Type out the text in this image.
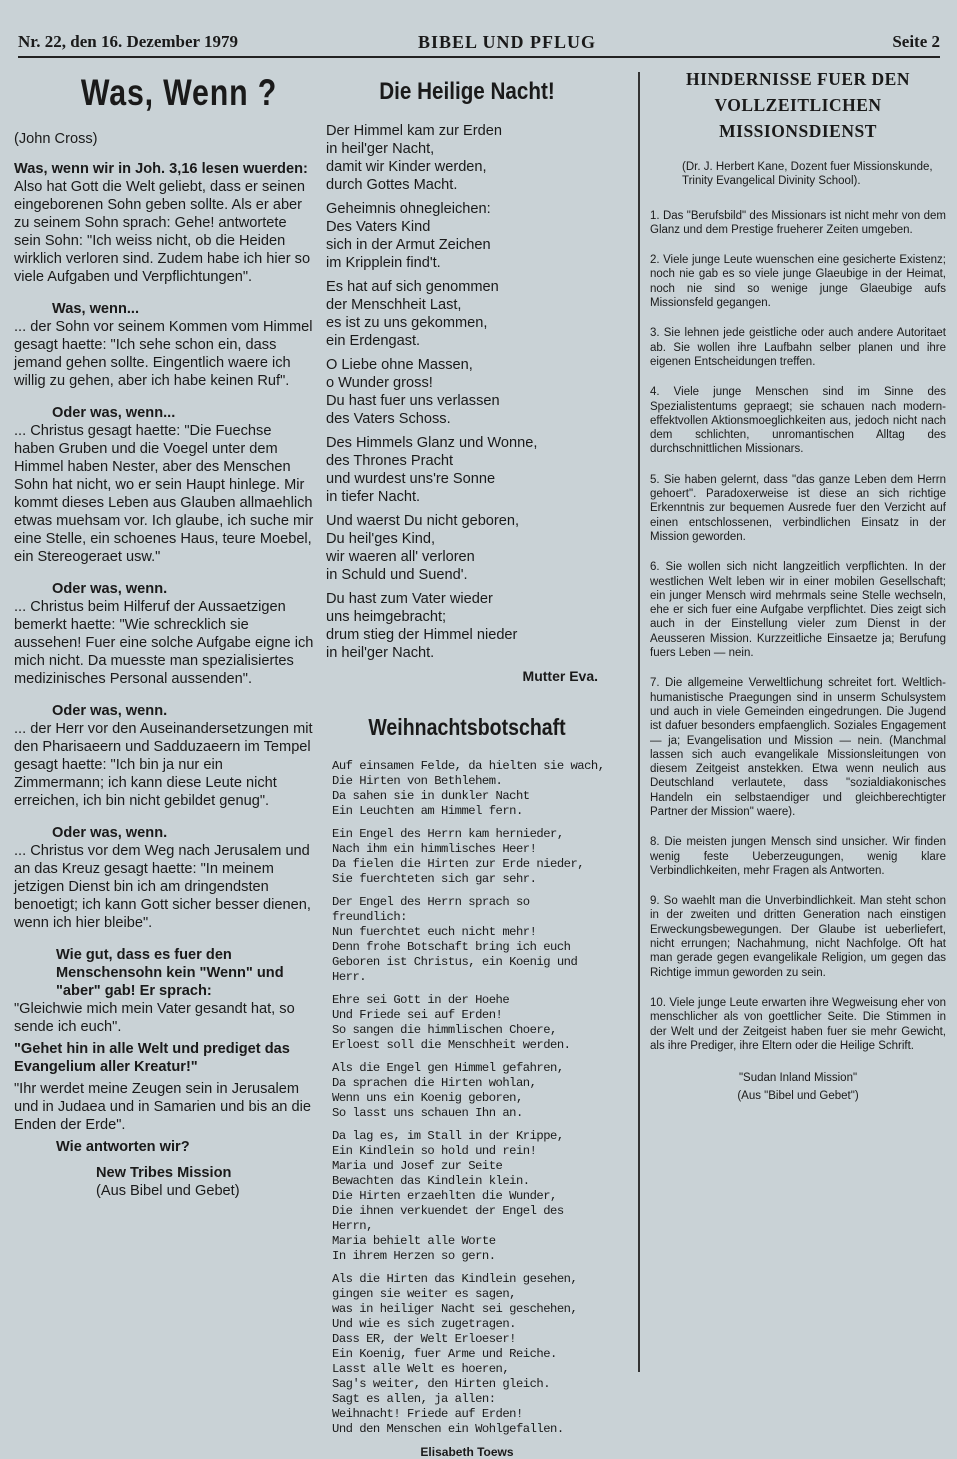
Nr. 22, den 16. Dezember 1979	BIBEL UND PFLUG	Seite 2
Was, Wenn ?
(John Cross)

Was, wenn wir in Joh. 3,16 lesen wuerden:
Also hat Gott die Welt geliebt, dass er seinen eingeborenen Sohn geben sollte. Als er aber zu seinem Sohn sprach: Gehe! antwortete sein Sohn: "Ich weiss nicht, ob die Heiden wirklich verloren sind. Zudem habe ich hier so viele Aufgaben und Verpflichtungen".

Was, wenn...
... der Sohn vor seinem Kommen vom Himmel gesagt haette: "Ich sehe schon ein, dass jemand gehen sollte. Eingentlich waere ich willig zu gehen, aber ich habe keinen Ruf".

Oder was, wenn...
... Christus gesagt haette: "Die Fuechse haben Gruben und die Voegel unter dem Himmel haben Nester, aber des Menschen Sohn hat nicht, wo er sein Haupt hinlege. Mir kommt dieses Leben aus Glauben allmaehlich etwas muehsam vor. Ich glaube, ich suche mir eine Stelle, ein schoenes Haus, teure Moebel, ein Stereogeraet usw."

Oder was, wenn.
... Christus beim Hilferuf der Aussaetzigen bemerkt haette: "Wie schrecklich sie aussehen! Fuer eine solche Aufgabe eigne ich mich nicht. Da muesste man spezialisiertes medizinisches Personal aussenden".

Oder was, wenn.
... der Herr vor den Auseinandersetzungen mit den Pharisaeern und Sadduzaeern im Tempel gesagt haette: "Ich bin ja nur ein Zimmermann; ich kann diese Leute nicht erreichen, ich bin nicht gebildet genug".

Oder was, wenn.
... Christus vor dem Weg nach Jerusalem und an das Kreuz gesagt haette: "In meinem jetzigen Dienst bin ich am dringendsten benoetigt; ich kann Gott sicher besser dienen, wenn ich hier bleibe".

Wie gut, dass es fuer den Menschensohn kein "Wenn" und "aber" gab! Er sprach:
"Gleichwie mich mein Vater gesandt hat, so sende ich euch".

"Gehet hin in alle Welt und prediget das Evangelium aller Kreatur!"

"Ihr werdet meine Zeugen sein in Jerusalem und in Judaea und in Samarien und bis an die Enden der Erde".

Wie antworten wir?
New Tribes Mission
(Aus Bibel und Gebet)
Die Heilige Nacht!
Der Himmel kam zur Erden
in heil'ger Nacht,
damit wir Kinder werden,
durch Gottes Macht.
Geheimnis ohnegleichen:
Des Vaters Kind
sich in der Armut Zeichen
im Kripplein find't.
Es hat auf sich genommen
der Menschheit Last,
es ist zu uns gekommen,
ein Erdengast.
O Liebe ohne Massen,
o Wunder gross!
Du hast fuer uns verlassen
des Vaters Schoss.
Des Himmels Glanz und Wonne,
des Thrones Pracht
und wurdest uns're Sonne
in tiefer Nacht.
Und waerst Du nicht geboren,
Du heil'ges Kind,
wir waeren all' verloren
in Schuld und Suend'.
Du hast zum Vater wieder
uns heimgebracht;
drum stieg der Himmel nieder
in heil'ger Nacht.
Mutter Eva.
Weihnachtsbotschaft
Auf einsamen Felde, da hielten sie wach,
Die Hirten von Bethlehem.
Da sahen sie in dunkler Nacht
Ein Leuchten am Himmel fern.
Ein Engel des Herrn kam hernieder,
Nach ihm ein himmlisches Heer!
Da fielen die Hirten zur Erde nieder,
Sie fuerchteten sich gar sehr.
Der Engel des Herrn sprach so freundlich:
Nun fuerchtet euch nicht mehr!
Denn frohe Botschaft bring ich euch
Geboren ist Christus, ein Koenig und Herr.
Ehre sei Gott in der Hoehe
Und Friede sei auf Erden!
So sangen die himmlischen Choere,
Erloest soll die Menschheit werden.
Als die Engel gen Himmel gefahren,
Da sprachen die Hirten wohlan,
Wenn uns ein Koenig geboren,
So lasst uns schauen Ihn an.
Da lag es, im Stall in der Krippe,
Ein Kindlein so hold und rein!
Maria und Josef zur Seite
Bewachten das Kindlein klein.
Die Hirten erzaehlten die Wunder,
Die ihnen verkuendet der Engel des Herrn,
Maria behielt alle Worte
In ihrem Herzen so gern.
Als die Hirten das Kindlein gesehen,
gingen sie weiter es sagen,
was in heiliger Nacht sei geschehen,
Und wie es sich zugetragen.
Dass ER, der Welt Erloeser!
Ein Koenig, fuer Arme und Reiche.
Lasst alle Welt es hoeren,
Sag's weiter, den Hirten gleich.
Sagt es allen, ja allen:
Weihnacht! Friede auf Erden!
Und den Menschen ein Wohlgefallen.
Elisabeth Toews
HINDERNISSE FUER DEN
VOLLZEITLICHEN
MISSIONSDIENST
(Dr. J. Herbert Kane, Dozent fuer Missionskunde, Trinity Evangelical Divinity School).
1. Das "Berufsbild" des Missionars ist nicht mehr von dem Glanz und dem Prestige frueherer Zeiten umgeben.
2. Viele junge Leute wuenschen eine gesicherte Existenz; noch nie gab es so viele junge Glaeubige in der Heimat, noch nie sind so wenige junge Glaeubige aufs Missionsfeld gegangen.
3. Sie lehnen jede geistliche oder auch andere Autoritaet ab. Sie wollen ihre Laufbahn selber planen und ihre eigenen Entscheidungen treffen.
4. Viele junge Menschen sind im Sinne des Spezialistentums gepraegt; sie schauen nach modern-effektvollen Aktionsmoeglichkeiten aus, jedoch nicht nach dem schlichten, unromantischen Alltag des durchschnittlichen Missionars.
5. Sie haben gelernt, dass "das ganze Leben dem Herrn gehoert". Paradoxerweise ist diese an sich richtige Erkenntnis zur bequemen Ausrede fuer den Verzicht auf einen entschlossenen, verbindlichen Einsatz in der Mission geworden.
6. Sie wollen sich nicht langzeitlich verpflichten. In der westlichen Welt leben wir in einer mobilen Gesellschaft; ein junger Mensch wird mehrmals seine Stelle wechseln, ehe er sich fuer eine Aufgabe verpflichtet. Dies zeigt sich auch in der Einstellung vieler zum Dienst in der Aeusseren Mission. Kurzzeitliche Einsaetze ja; Berufung fuers Leben — nein.
7. Die allgemeine Verweltlichung schreitet fort. Weltlich-humanistische Praegungen sind in unserm Schulsystem und auch in viele Gemeinden eingedrungen. Die Jugend ist dafuer besonders empfaenglich. Soziales Engagement — ja; Evangelisation und Mission — nein. (Manchmal lassen sich auch evangelikale Missionsleitungen von diesem Zeitgeist anstekken. Etwa wenn neulich aus Deutschland verlautete, dass "sozialdiakonisches Handeln ein selbstaendiger und gleichberechtigter Partner der Mission" waere).
8. Die meisten jungen Mensch sind unsicher. Wir finden wenig feste Ueberzeugungen, wenig klare Verbindlichkeiten, mehr Fragen als Antworten.
9. So waehlt man die Unverbindlichkeit. Man steht schon in der zweiten und dritten Generation nach einstigen Erweckungsbewegungen. Der Glaube ist ueberliefert, nicht errungen; Nachahmung, nicht Nachfolge. Oft hat man gerade gegen evangelikale Religion, um gegen das Richtige immun geworden zu sein.
10. Viele junge Leute erwarten ihre Wegweisung eher von menschlicher als von goettlicher Seite. Die Stimmen in der Welt und der Zeitgeist haben fuer sie mehr Gewicht, als ihre Prediger, ihre Eltern oder die Heilige Schrift.
"Sudan Inland Mission"
(Aus "Bibel und Gebet")
